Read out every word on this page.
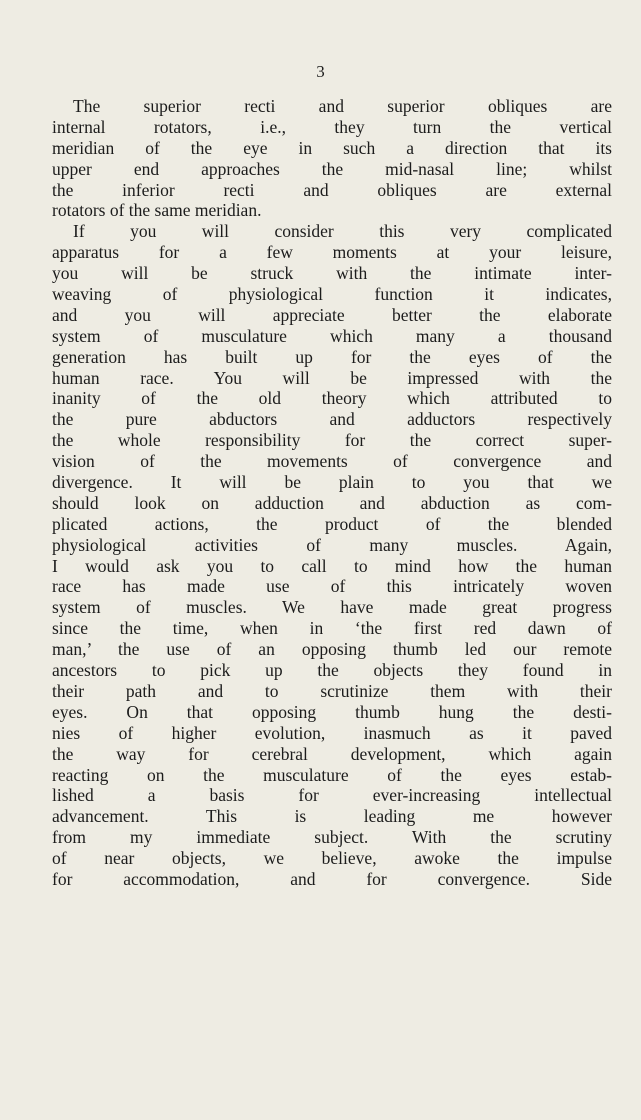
3
The superior recti and superior obliques are
internal rotators, i.e., they turn the vertical
meridian of the eye in such a direction that its
upper end approaches the mid-nasal line; whilst
the inferior recti and obliques are external
rotators of the same meridian.
If you will consider this very complicated
apparatus for a few moments at your leisure,
you will be struck with the intimate inter-
weaving of physiological function it indicates,
and you will appreciate better the elaborate
system of musculature which many a thousand
generation has built up for the eyes of the
human race. You will be impressed with the
inanity of the old theory which attributed to
the pure abductors and adductors respectively
the whole responsibility for the correct super-
vision of the movements of convergence and
divergence. It will be plain to you that we
should look on adduction and abduction as com-
plicated actions, the product of the blended
physiological activities of many muscles. Again,
I would ask you to call to mind how the human
race has made use of this intricately woven
system of muscles. We have made great progress
since the time, when in ‘the first red dawn of
man,’ the use of an opposing thumb led our remote
ancestors to pick up the objects they found in
their path and to scrutinize them with their
eyes. On that opposing thumb hung the desti-
nies of higher evolution, inasmuch as it paved
the way for cerebral development, which again
reacting on the musculature of the eyes estab-
lished a basis for ever-increasing intellectual
advancement. This is leading me however
from my immediate subject. With the scrutiny
of near objects, we believe, awoke the impulse
for accommodation, and for convergence. Side
